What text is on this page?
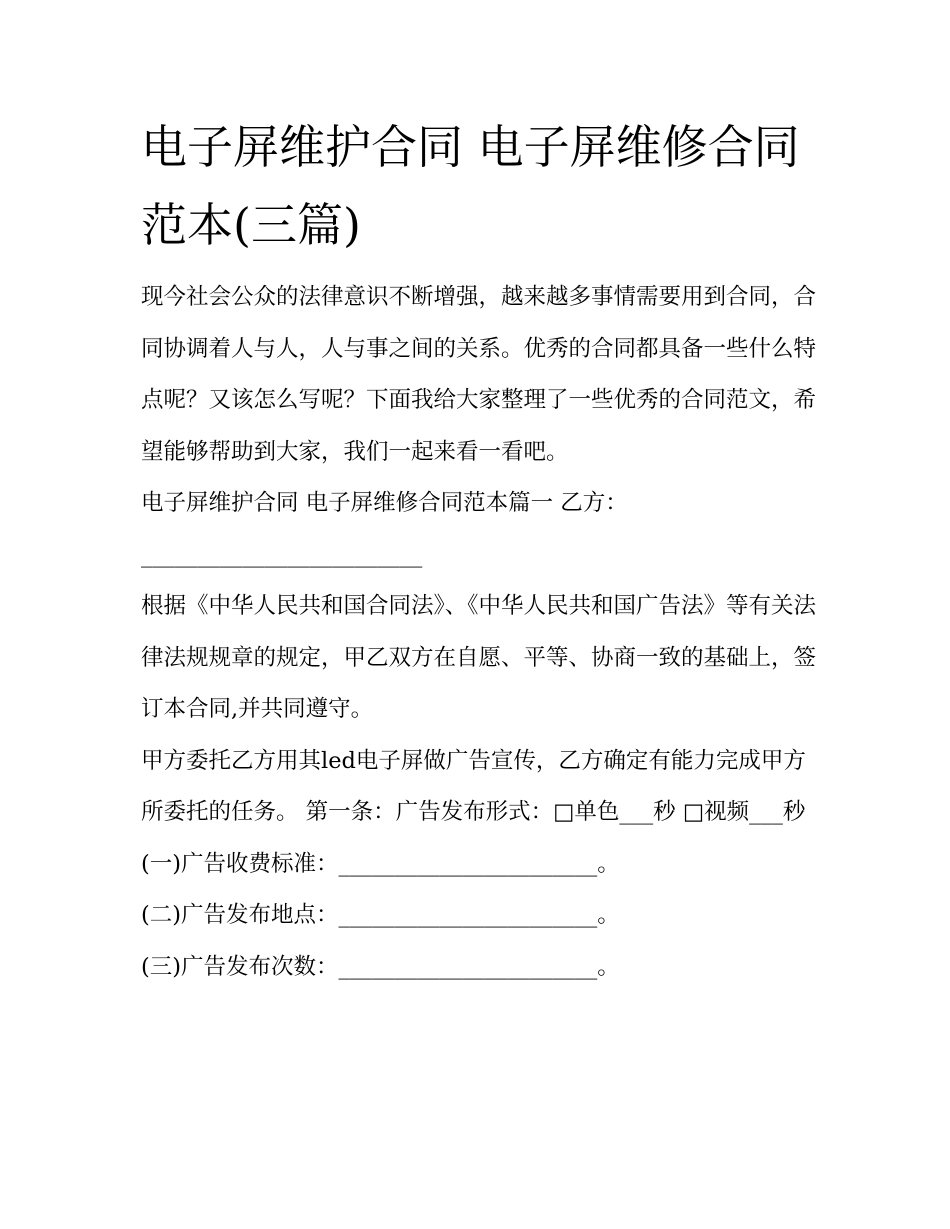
电子屏维护合同 电子屏维修合同范本(三篇)

现今社会公众的法律意识不断增强，越来越多事情需要用到合同，合同协调着人与人，人与事之间的关系。优秀的合同都具备一些什么特点呢？又该怎么写呢？下面我给大家整理了一些优秀的合同范文，希望能够帮助到大家，我们一起来看一看吧。

电子屏维护合同 电子屏维修合同范本篇一 乙方：_________________________

根据《中华人民共和国合同法》、《中华人民共和国广告法》等有关法律法规规章的规定，甲乙双方在自愿、平等、协商一致的基础上，签订本合同,并共同遵守。

甲方委托乙方用其led电子屏做广告宣传，乙方确定有能力完成甲方所委托的任务。 第一条：广告发布形式：□单色___秒 □视频___秒

(一)广告收费标准：_______________________。

(二)广告发布地点：_______________________。

(三)广告发布次数：_______________________。
